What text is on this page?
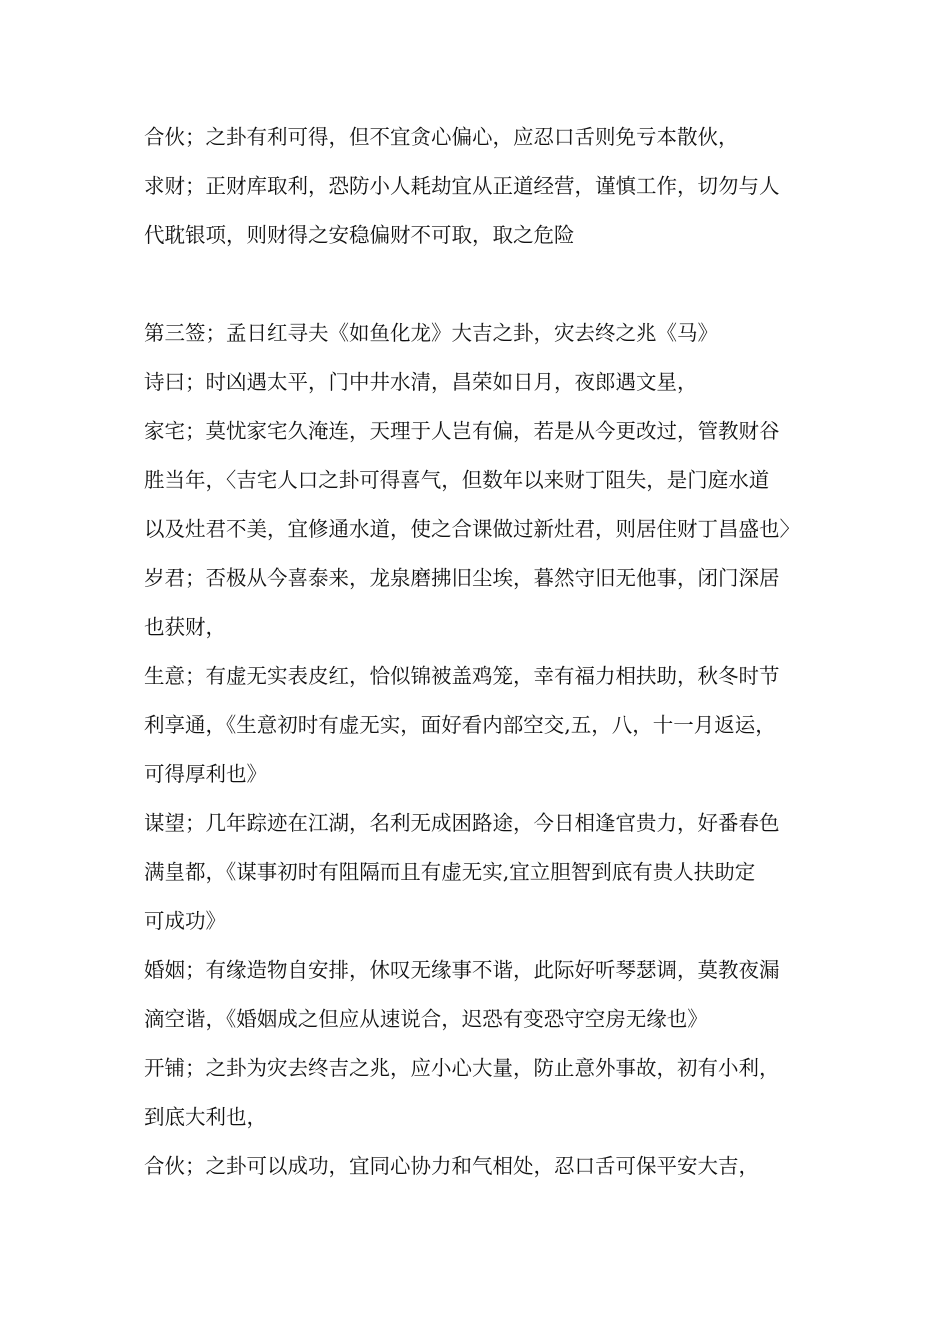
合伙；之卦有利可得，但不宜贪心偏心，应忍口舌则免亏本散伙，
求财；正财库取利，恐防小人耗劫宜从正道经营，谨慎工作，切勿与人
代耽银项，则财得之安稳偏财不可取，取之危险
第三签；孟日红寻夫《如鱼化龙》大吉之卦，灾去终之兆《马》
诗曰；时凶遇太平，门中井水清，昌荣如日月，夜郎遇文星，
家宅；莫忧家宅久淹连，天理于人岂有偏，若是从今更改过，管教财谷
胜当年，〈吉宅人口之卦可得喜气，但数年以来财丁阻失，是门庭水道
以及灶君不美，宜修通水道，使之合课做过新灶君，则居住财丁昌盛也〉
岁君；否极从今喜泰来，龙泉磨拂旧尘埃，暮然守旧无他事，闭门深居
也获财，
生意；有虚无实表皮红，恰似锦被盖鸡笼，幸有福力相扶助，秋冬时节
利享通，《生意初时有虚无实，面好看内部空交,五，八，十一月返运，
可得厚利也》
谋望；几年踪迹在江湖，名利无成困路途，今日相逢官贵力，好番春色
满皇都，《谋事初时有阻隔而且有虚无实,宜立胆智到底有贵人扶助定
可成功》
婚姻；有缘造物自安排，休叹无缘事不谐，此际好听琴瑟调，莫教夜漏
滴空谐，《婚姻成之但应从速说合，迟恐有变恐守空房无缘也》
开铺；之卦为灾去终吉之兆，应小心大量，防止意外事故，初有小利，
到底大利也，
合伙；之卦可以成功，宜同心协力和气相处，忍口舌可保平安大吉，
